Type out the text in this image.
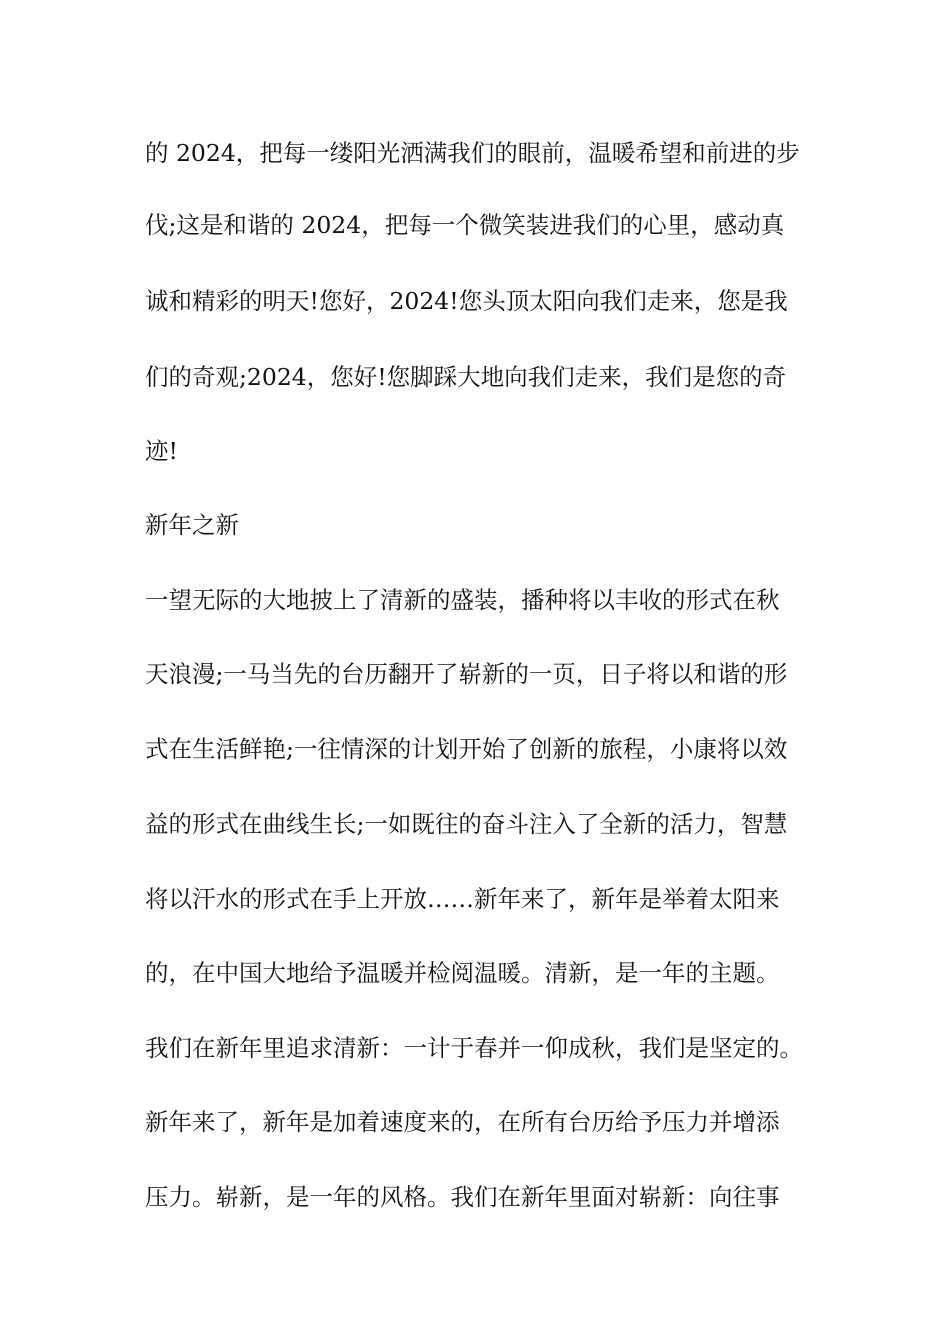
的 2024，把每一缕阳光洒满我们的眼前，温暖希望和前进的步

伐;这是和谐的 2024，把每一个微笑装进我们的心里，感动真

诚和精彩的明天!您好，2024!您头顶太阳向我们走来，您是我

们的奇观;2024，您好!您脚踩大地向我们走来，我们是您的奇

迹!

新年之新

一望无际的大地披上了清新的盛装，播种将以丰收的形式在秋

天浪漫;一马当先的台历翻开了崭新的一页，日子将以和谐的形

式在生活鲜艳;一往情深的计划开始了创新的旅程，小康将以效

益的形式在曲线生长;一如既往的奋斗注入了全新的活力，智慧

将以汗水的形式在手上开放……新年来了，新年是举着太阳来

的，在中国大地给予温暖并检阅温暖。清新，是一年的主题。

我们在新年里追求清新：一计于春并一仰成秋，我们是坚定的。

新年来了，新年是加着速度来的，在所有台历给予压力并增添

压力。崭新，是一年的风格。我们在新年里面对崭新：向往事
